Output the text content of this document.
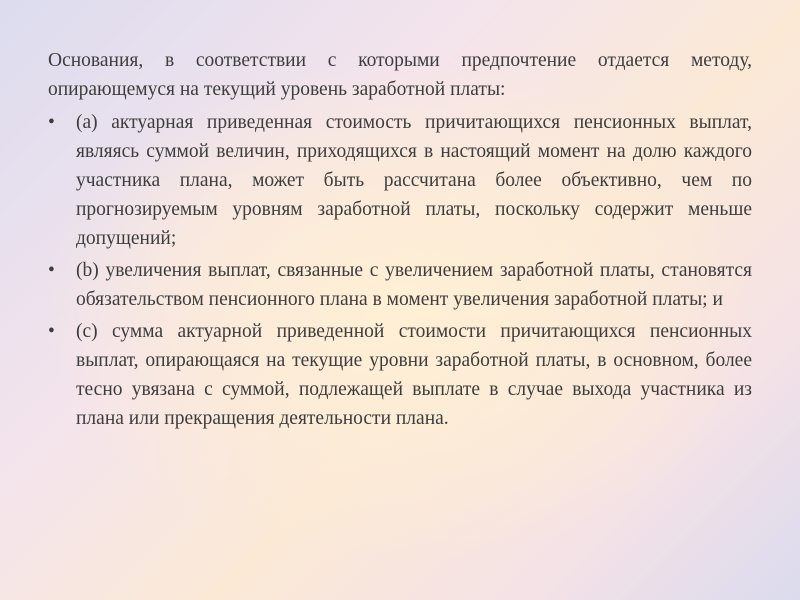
Основания, в соответствии с которыми предпочтение отдается методу, опирающемуся на текущий уровень заработной платы:

• (a) актуарная приведенная стоимость причитающихся пенсионных выплат, являясь суммой величин, приходящихся в настоящий момент на долю каждого участника плана, может быть рассчитана более объективно, чем по прогнозируемым уровням заработной платы, поскольку содержит меньше допущений;
• (b) увеличения выплат, связанные с увеличением заработной платы, становятся обязательством пенсионного плана в момент увеличения заработной платы; и
• (c) сумма актуарной приведенной стоимости причитающихся пенсионных выплат, опирающаяся на текущие уровни заработной платы, в основном, более тесно увязана с суммой, подлежащей выплате в случае выхода участника из плана или прекращения деятельности плана.
